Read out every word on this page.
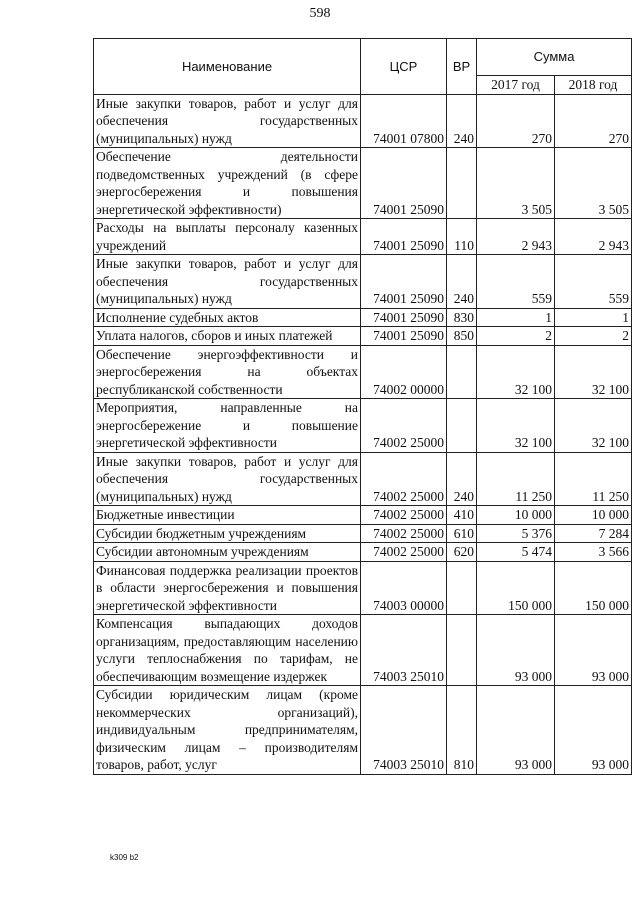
598
Наименование	ЦСР	ВР	Сумма	
			2017 год	2018 год
Иные закупки товаров, работ и услуг для обеспечения государственных (муниципальных) нужд	74001 07800	240	270	270
Обеспечение деятельности подведомственных учреждений (в сфере энергосбережения и повышения энергетической эффективности)	74001 25090		3 505	3 505
Расходы на выплаты персоналу казенных учреждений	74001 25090	110	2 943	2 943
Иные закупки товаров, работ и услуг для обеспечения государственных (муниципальных) нужд	74001 25090	240	559	559
Исполнение судебных актов	74001 25090	830	1	1
Уплата налогов, сборов и иных платежей	74001 25090	850	2	2
Обеспечение энергоэффективности и энергосбережения на объектах республиканской собственности	74002 00000		32 100	32 100
Мероприятия, направленные на энергосбережение и повышение энергетической эффективности	74002 25000		32 100	32 100
Иные закупки товаров, работ и услуг для обеспечения государственных (муниципальных) нужд	74002 25000	240	11 250	11 250
Бюджетные инвестиции	74002 25000	410	10 000	10 000
Субсидии бюджетным учреждениям	74002 25000	610	5 376	7 284
Субсидии автономным учреждениям	74002 25000	620	5 474	3 566
Финансовая поддержка реализации проектов в области энергосбережения и повышения энергетической эффективности	74003 00000		150 000	150 000
Компенсация выпадающих доходов организациям, предоставляющим населению услуги теплоснабжения по тарифам, не обеспечивающим возмещение издержек	74003 25010		93 000	93 000
Субсидии юридическим лицам (кроме некоммерческих организаций), индивидуальным предпринимателям, физическим лицам – производителям товаров, работ, услуг	74003 25010	810	93 000	93 000
k309 b2
